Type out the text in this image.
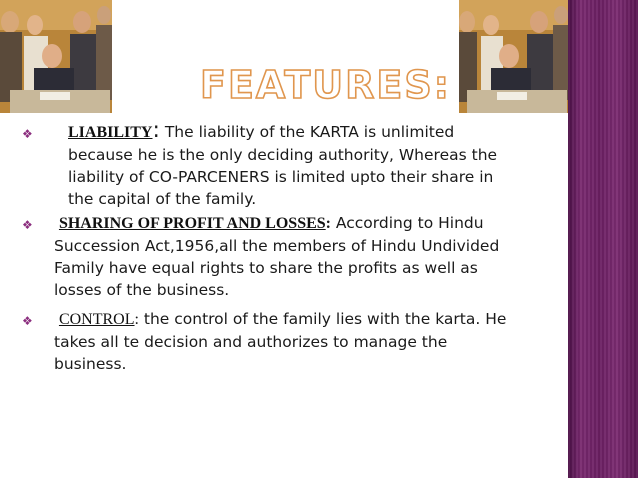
FEATURES:
❖ LIABILITY: The liability of the KARTA is unlimited because he is the only deciding authority, Whereas the liability of CO-PARCENERS is limited upto their share in the capital of the family.
❖	SHARING OF PROFIT AND LOSSES: According to Hindu Succession Act,1956,all the members of Hindu Undivided Family have equal rights to share the profits as well as losses of the business.
❖	CONTROL: the control of the family lies with the karta. He takes all te decision and authorizes to manage the business.
